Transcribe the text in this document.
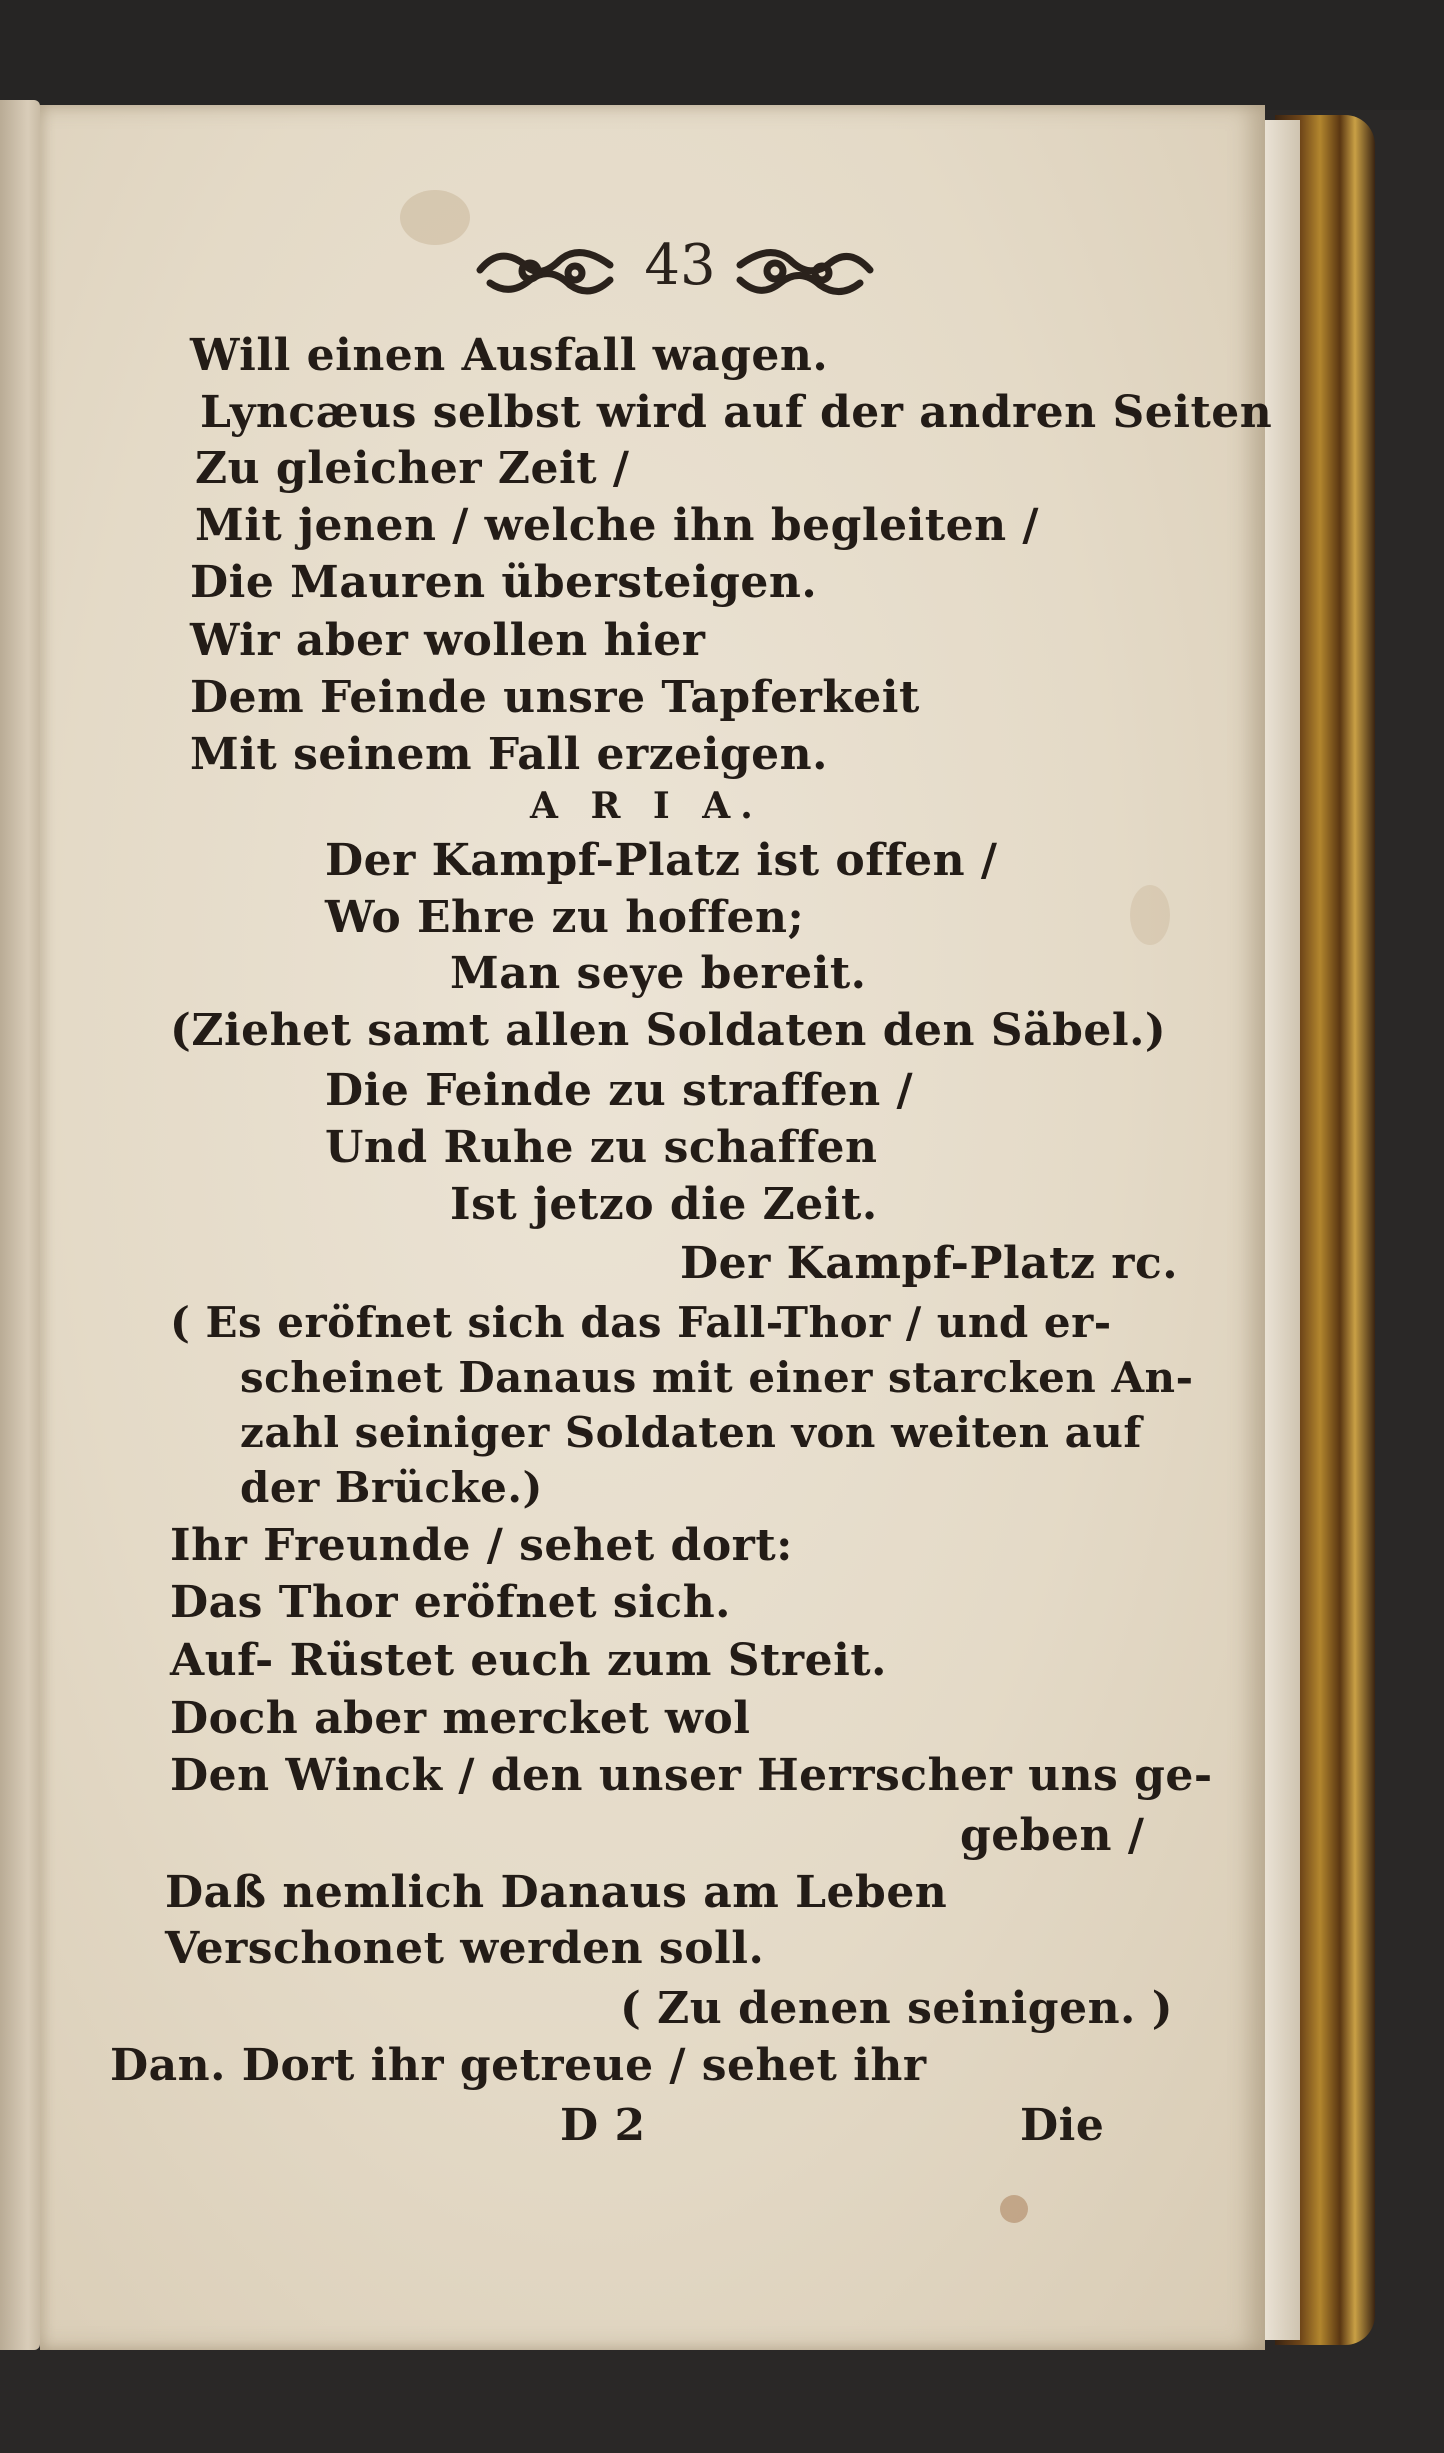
43
Will einen Ausfall wagen.
Lyncæus selbst wird auf der andren Seiten
Zu gleicher Zeit /
Mit jenen / welche ihn begleiten /
Die Mauren übersteigen.
Wir aber wollen hier
Dem Feinde unsre Tapferkeit
Mit seinem Fall erzeigen.
A R I A.
Der Kampf-Platz ist offen /
Wo Ehre zu hoffen;
Man seye bereit.
(Ziehet samt allen Soldaten den Säbel.)
Die Feinde zu straffen /
Und Ruhe zu schaffen
Ist jetzo die Zeit.
Der Kampf-Platz rc.
( Es eröfnet sich das Fall-Thor / und er-
scheinet Danaus mit einer starcken An-
zahl seiniger Soldaten von weiten auf
der Brücke.)
Ihr Freunde / sehet dort:
Das Thor eröfnet sich.
Auf- Rüstet euch zum Streit.
Doch aber mercket wol
Den Winck / den unser Herrscher uns ge-
geben /
Daß nemlich Danaus am Leben
Verschonet werden soll.
( Zu denen seinigen. )
Dan. Dort ihr getreue / sehet ihr
D 2	Die
